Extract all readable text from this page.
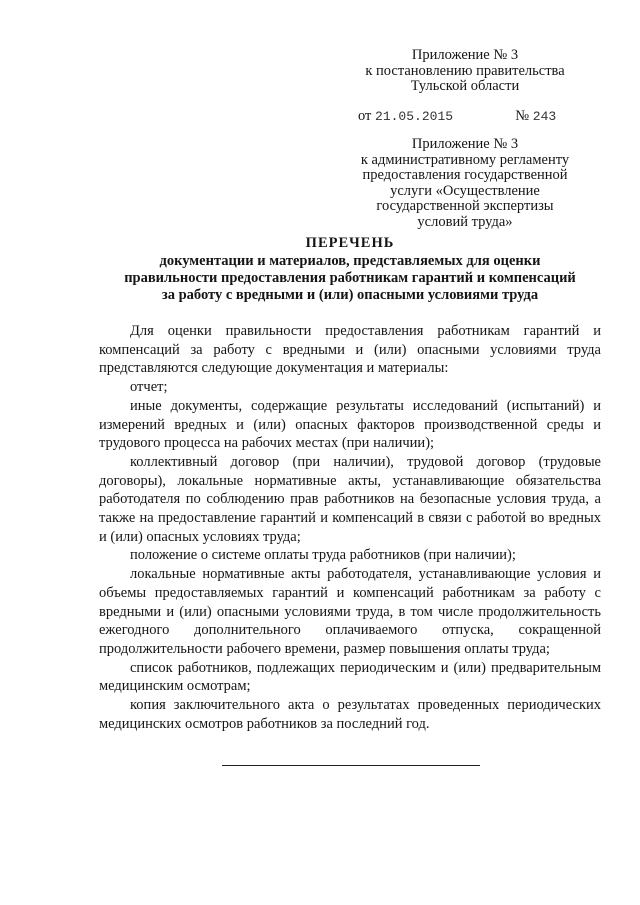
Приложение № 3
к постановлению правительства
Тульской области
от 21.05.2015	№ 243
Приложение № 3
к административному регламенту
предоставления государственной
услуги «Осуществление
государственной экспертизы
условий труда»
ПЕРЕЧЕНЬ
документации и материалов, представляемых для оценки
правильности предоставления работникам гарантий и компенсаций
за работу с вредными и (или) опасными условиями труда

Для оценки правильности предоставления работникам гарантий и компенсаций за работу с вредными и (или) опасными условиями труда представляются следующие документация и материалы:

отчет;

иные документы, содержащие результаты исследований (испытаний) и измерений вредных и (или) опасных факторов производственной среды и трудового процесса на рабочих местах (при наличии);

коллективный договор (при наличии), трудовой договор (трудовые договоры), локальные нормативные акты, устанавливающие обязательства работодателя по соблюдению прав работников на безопасные условия труда, а также на предоставление гарантий и компенсаций в связи с работой во вредных и (или) опасных условиях труда;

положение о системе оплаты труда работников (при наличии);

локальные нормативные акты работодателя, устанавливающие условия и объемы предоставляемых гарантий и компенсаций работникам за работу с вредными и (или) опасными условиями труда, в том числе продолжительность ежегодного дополнительного оплачиваемого отпуска, сокращенной продолжительности рабочего времени, размер повышения оплаты труда;

список работников, подлежащих периодическим и (или) предварительным медицинским осмотрам;

копия заключительного акта о результатах проведенных периодических медицинских осмотров работников за последний год.
